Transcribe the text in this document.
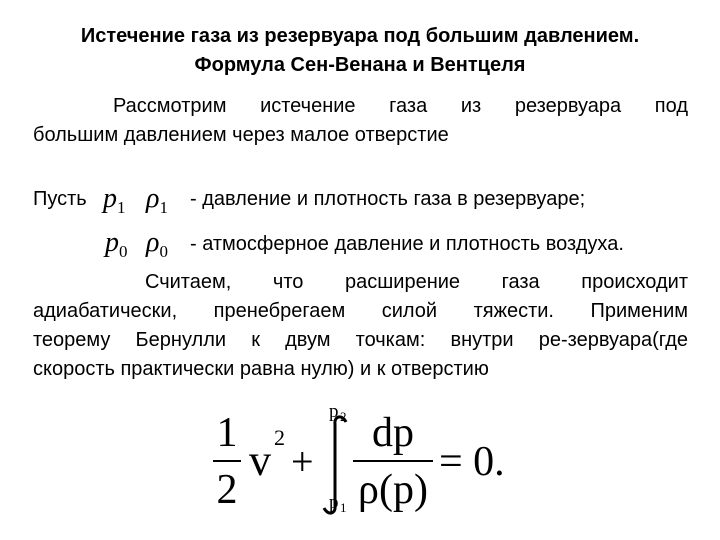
Истечение газа из резервуара под большим давлением.
Формула Сен-Венана и Вентцеля
Рассмотрим истечение газа из резервуара под
большим давлением через малое отверстие
Пусть $p_1$ $\rho_1$ - давление и плотность газа в резервуаре;
$p_0$ $\rho_0$ - атмосферное давление и плотность воздуха.
Считаем, что расширение газа происходит
адиабатически, пренебрегаем силой тяжести. Применим
теорему Бернулли к двум точкам: внутри ре-зервуара(где
скорость практически равна нулю) и к отверстию
1
2
v 2
+
p 2
p 1
dp
ρ(p)
= 0.
